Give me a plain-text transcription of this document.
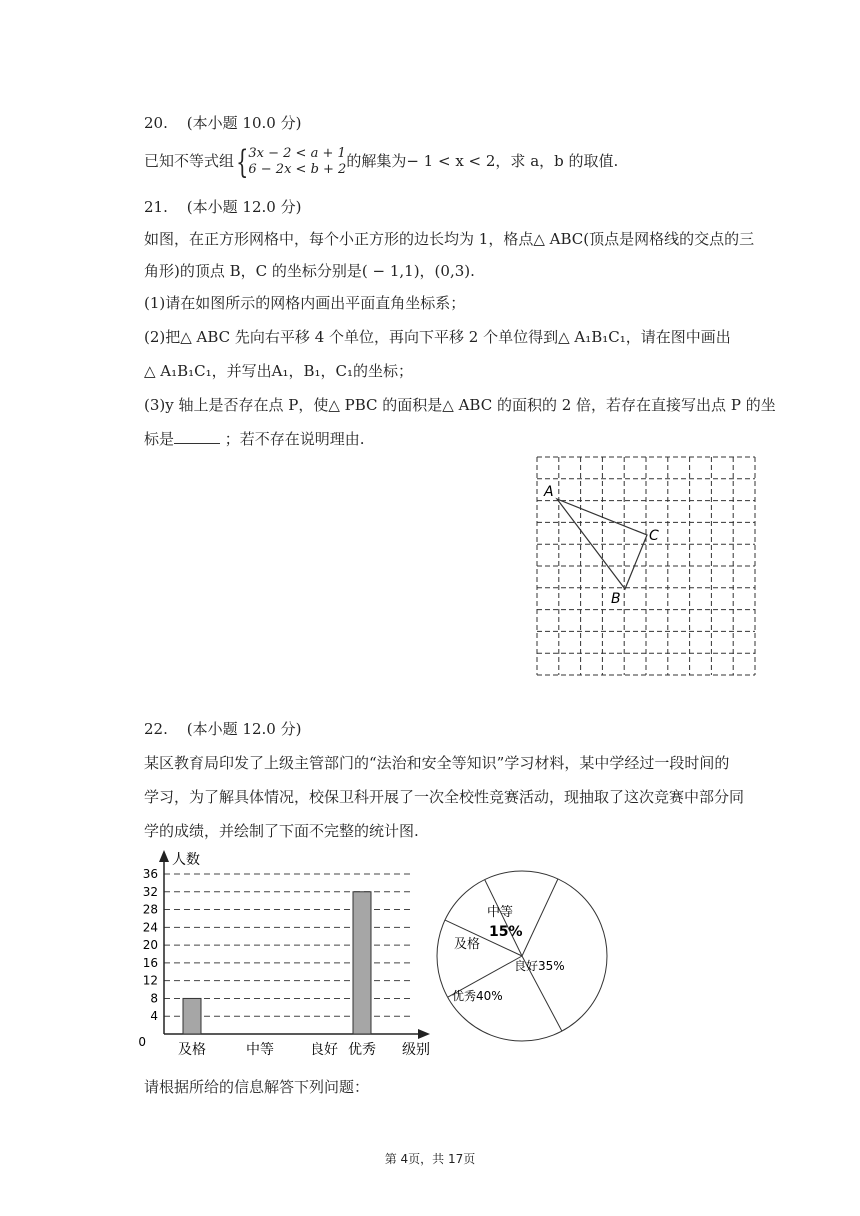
20. (本小题 10.0 分)
已知不等式组{3x − 2 < a + 1
6 − 2x < b + 2的解集为− 1 < x < 2，求 a，b 的取值.
21. (本小题 12.0 分)
如图，在正方形网格中，每个小正方形的边长均为 1，格点△ ABC(顶点是网格线的交点的三
角形)的顶点 B，C 的坐标分别是( − 1,1)，(0,3).
(1)请在如图所示的网格内画出平面直角坐标系；
(2)把△ ABC 先向右平移 4 个单位，再向下平移 2 个单位得到△ A₁B₁C₁，请在图中画出
△ A₁B₁C₁，并写出A₁，B₁，C₁的坐标；
(3)y 轴上是否存在点 P，使△ PBC 的面积是△ ABC 的面积的 2 倍，若存在直接写出点 P 的坐
标是	；若不存在说明理由.
A
B
C
22. (本小题 12.0 分)
某区教育局印发了上级主管部门的“法治和安全等知识”学习材料，某中学经过一段时间的
学习，为了解具体情况，校保卫科开展了一次全校性竞赛活动，现抽取了这次竞赛中部分同
学的成绩，并绘制了下面不完整的统计图.
人数
级别
0
4
8
12
16
20
24
28
32
36
及格	中等	良好 优秀
中等
15%
良好35%
优秀40%
及格
请根据所给的信息解答下列问题：
第 4页，共 17页
